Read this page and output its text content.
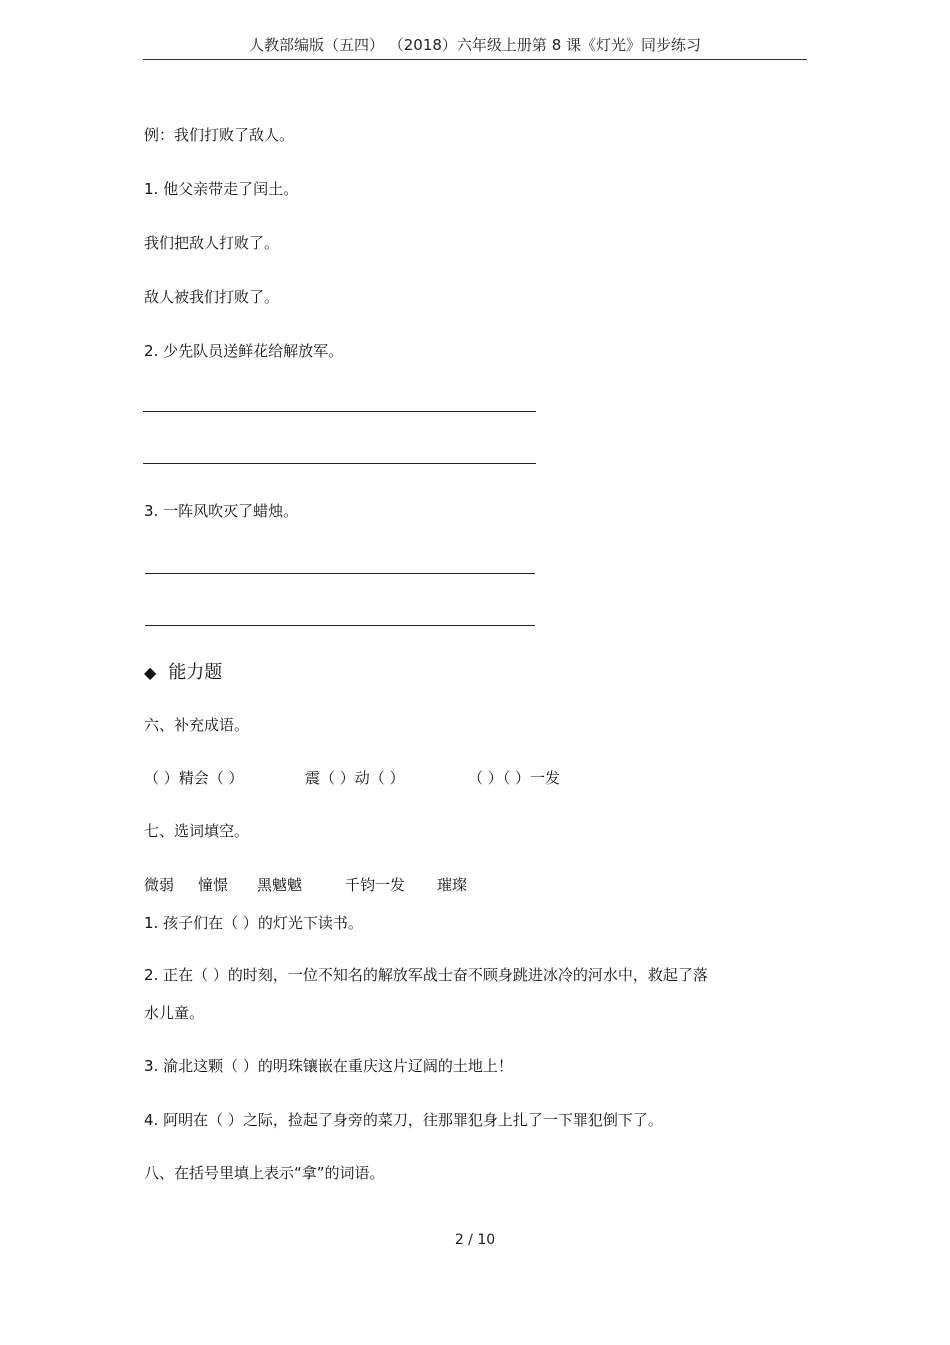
人教部编版（五四） （2018）六年级上册第 8 课《灯光》同步练习
例：我们打败了敌人。
1. 他父亲带走了闰土。
我们把敌人打败了。
敌人被我们打败了。
2. 少先队员送鲜花给解放军。
3. 一阵风吹灭了蜡烛。
◆ 能力题
六、补充成语。
（ ）精会（ ）	震（ ）动（ ）	（ ）（ ）一发
七、选词填空。
微弱 憧憬 黑魆魆	千钧一发 璀璨
1. 孩子们在（ ）的灯光下读书。
2. 正在（ ）的时刻，一位不知名的解放军战士奋不顾身跳进冰冷的河水中，救起了落
水儿童。
3. 渝北这颗（ ）的明珠镶嵌在重庆这片辽阔的土地上！
4. 阿明在（ ）之际，捡起了身旁的菜刀，往那罪犯身上扎了一下罪犯倒下了。
八、在括号里填上表示“拿”的词语。
2 / 10
